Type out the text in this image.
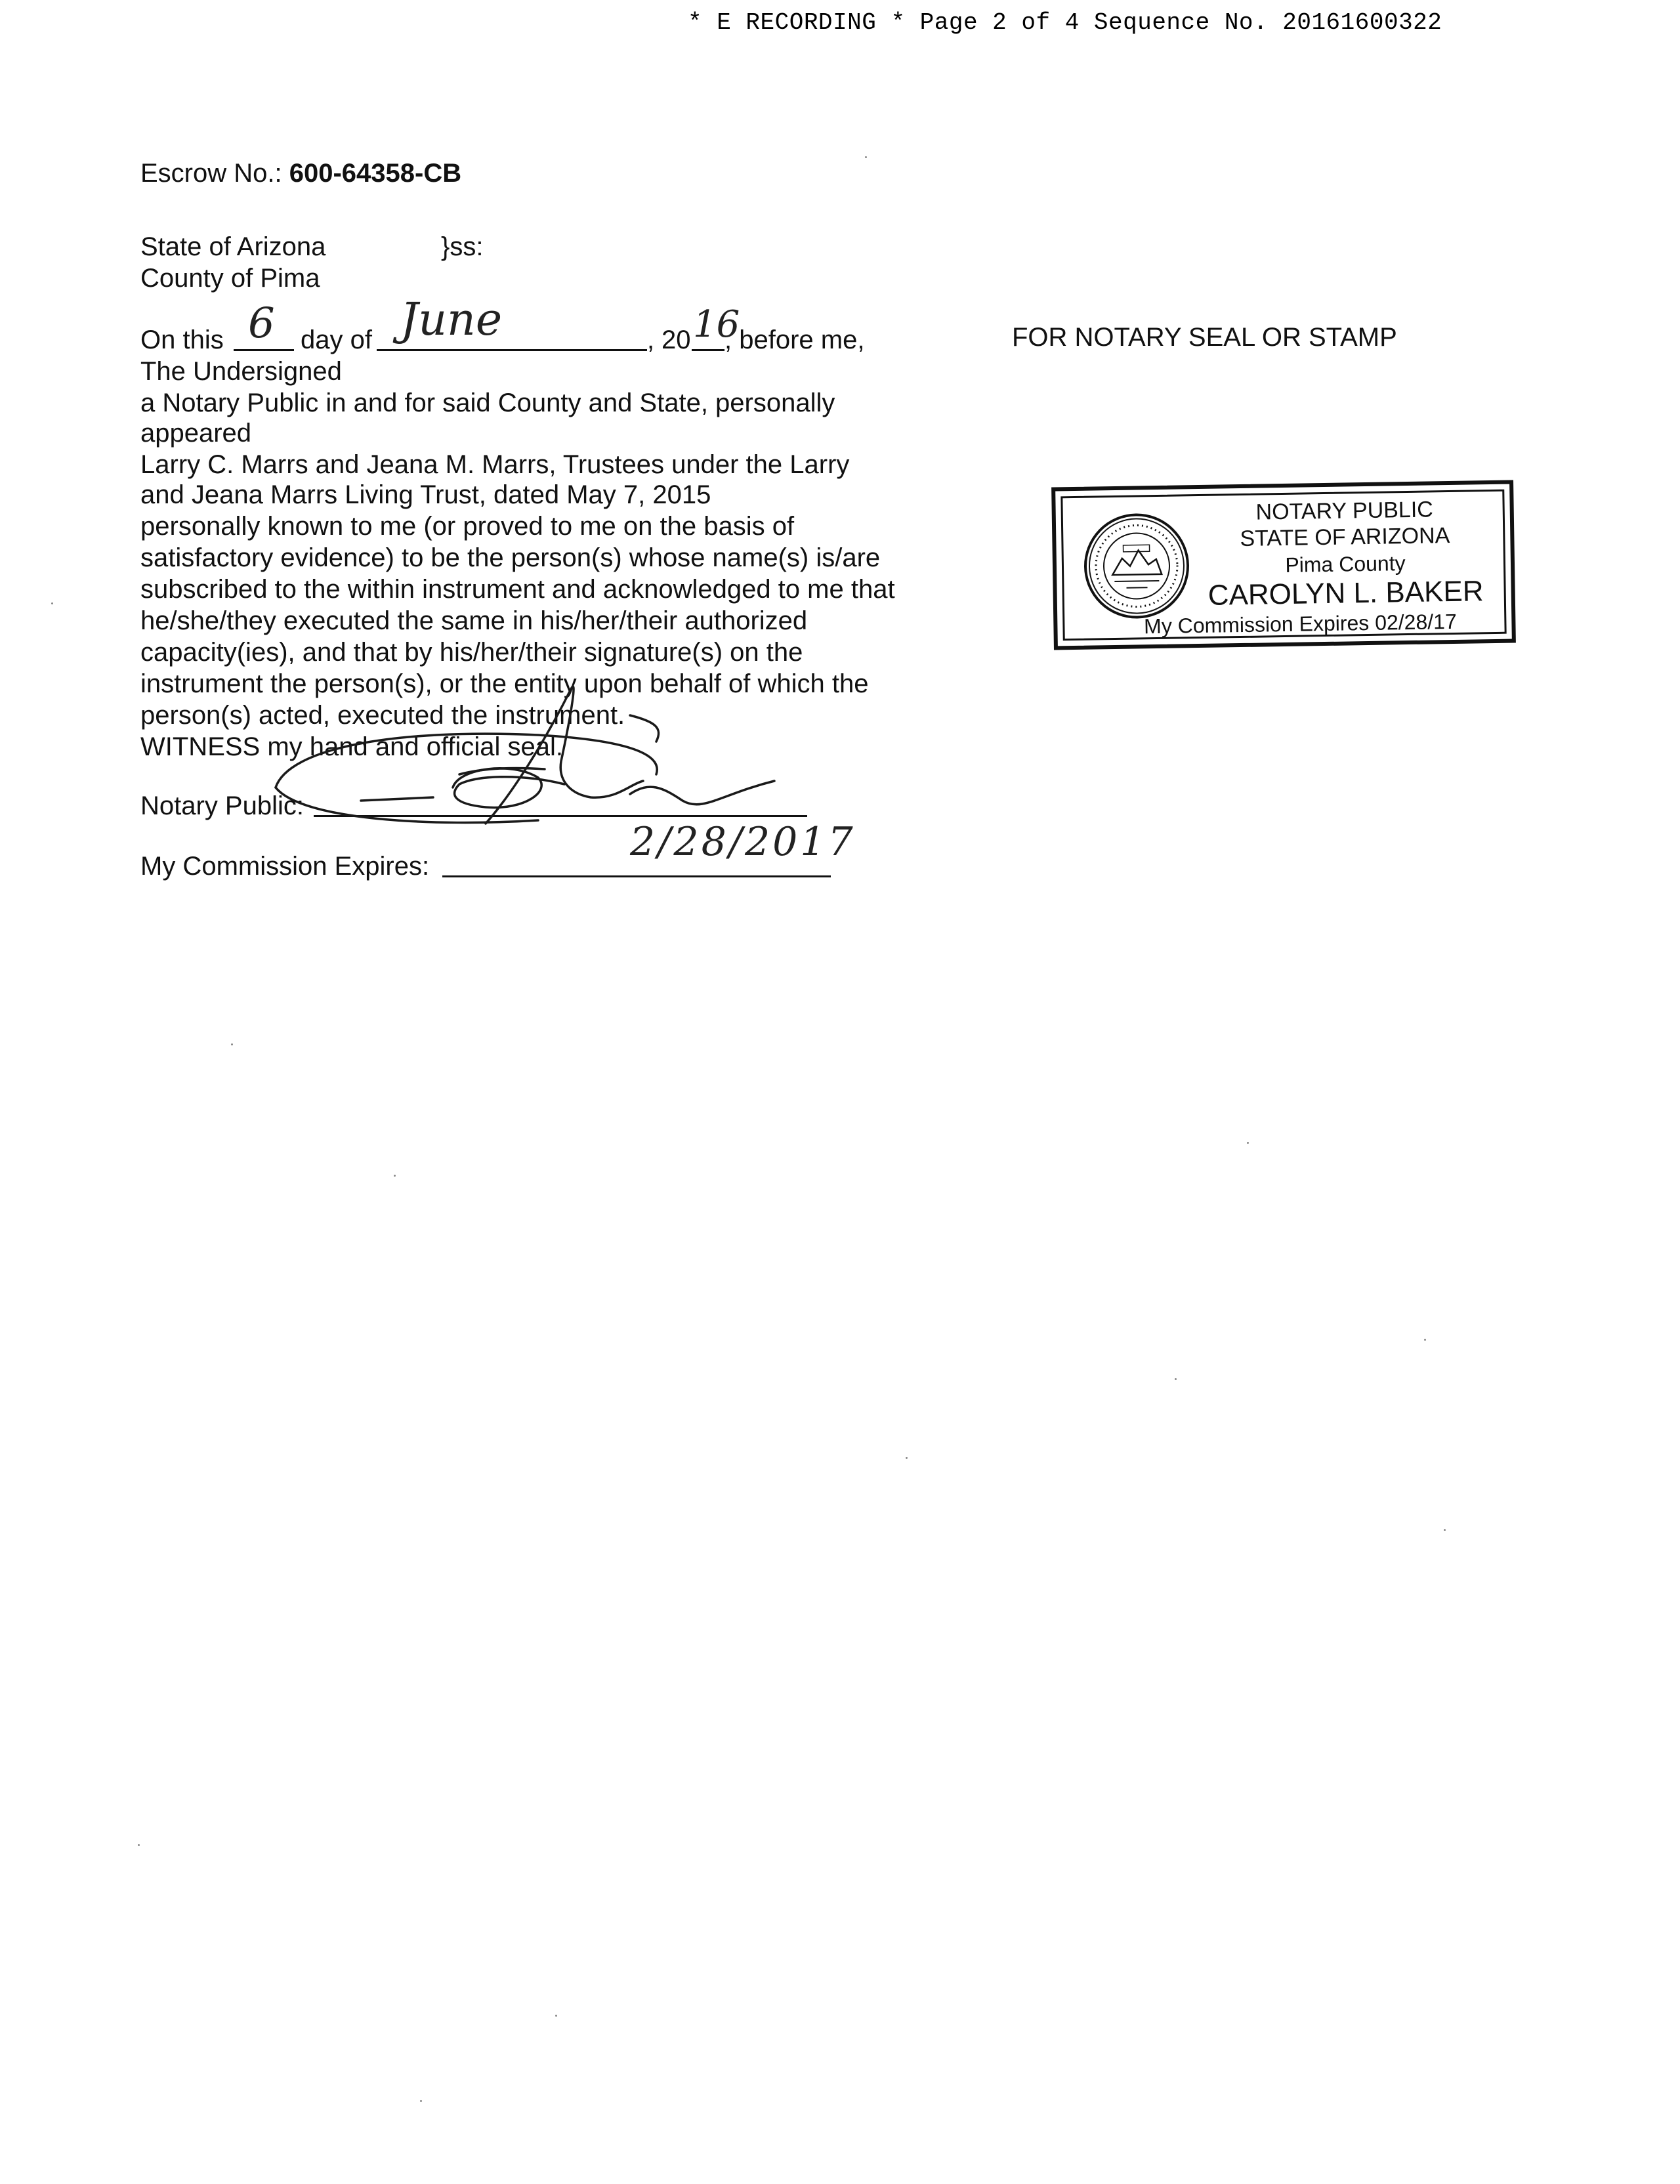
* E RECORDING * Page 2 of 4 Sequence No. 20161600322
Escrow No.: 600-64358-CB
State of Arizona	}ss:
County of Pima
On this 6 day of June	, 20 16
, before me,
The Undersigned
a Notary Public in and for said County and State, personally
appeared
Larry C. Marrs and Jeana M. Marrs, Trustees under the Larry
and Jeana Marrs Living Trust, dated May 7, 2015
personally known to me (or proved to me on the basis of
satisfactory evidence) to be the person(s) whose name(s) is/are
subscribed to the within instrument and acknowledged to me that
he/she/they executed the same in his/her/their authorized
capacity(ies), and that by his/her/their signature(s) on the
instrument the person(s), or the entity upon behalf of which the
person(s) acted, executed the instrument.
WITNESS my hand and official seal.
Notary Public:
My Commission Expires:
2/28/2017
FOR NOTARY SEAL OR STAMP
NOTARY PUBLIC
STATE OF ARIZONA
Pima County
CAROLYN L. BAKER
My Commission Expires 02/28/17
